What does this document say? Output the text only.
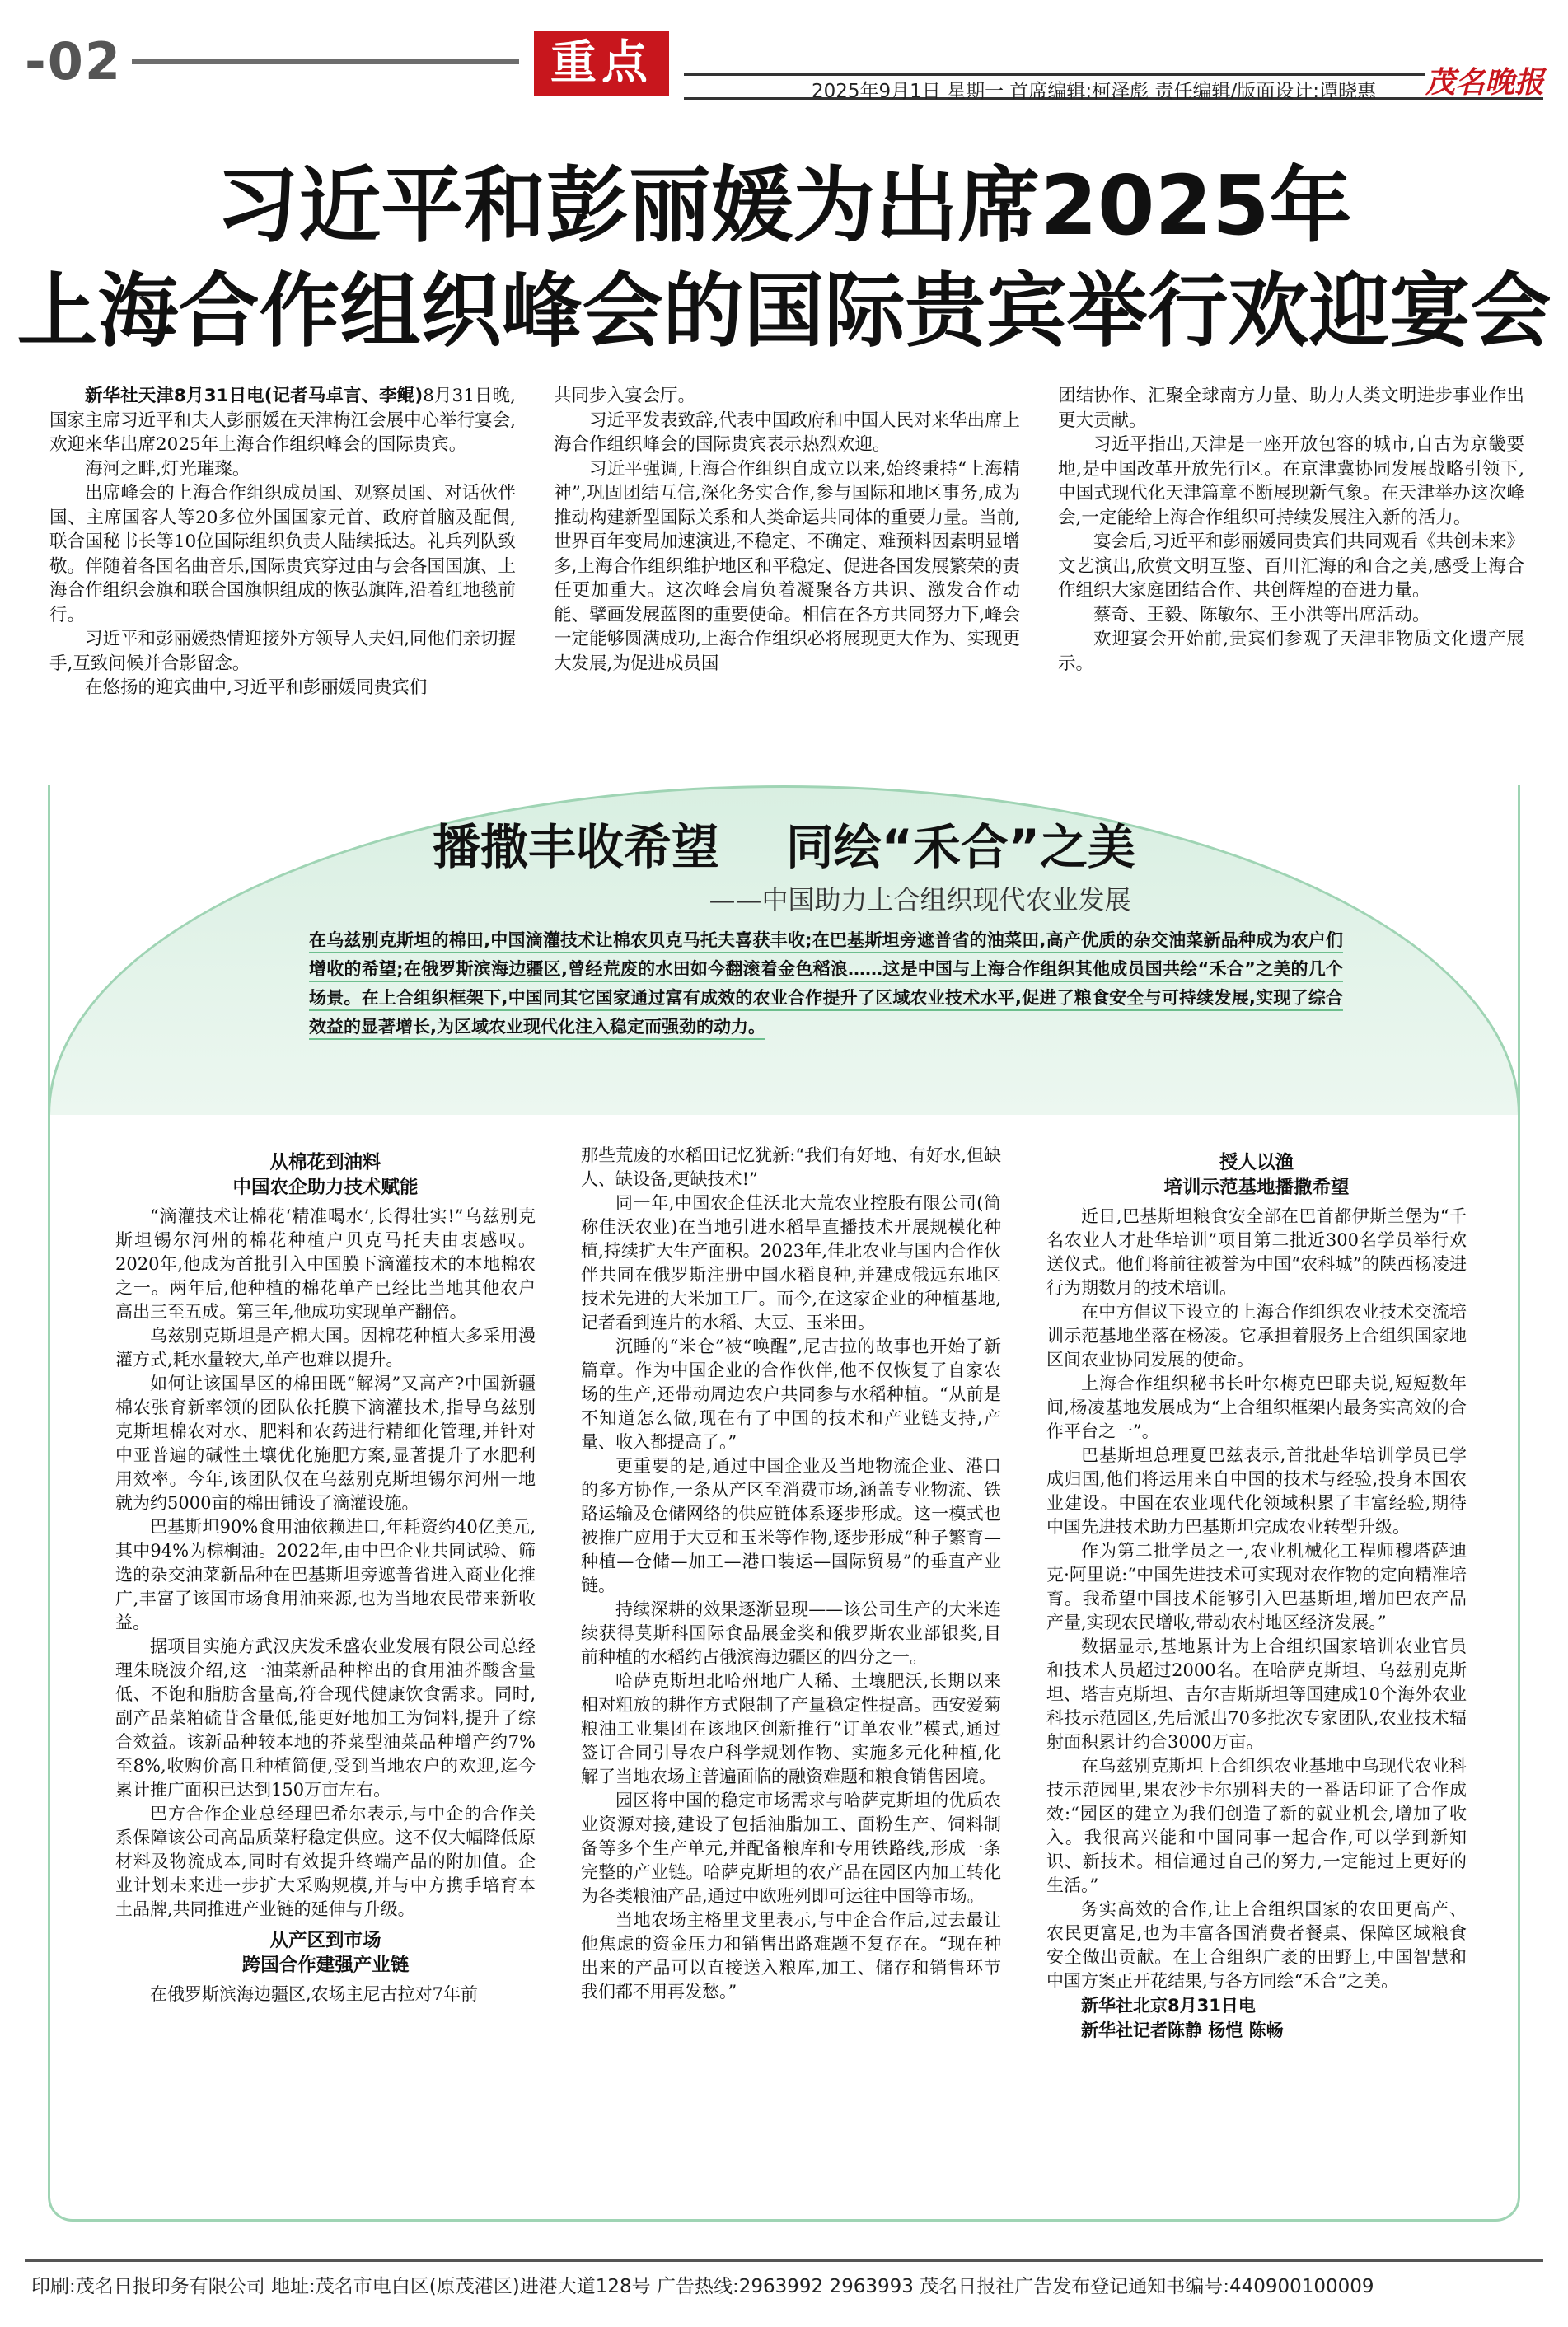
-02	重点
2025年9月1日 星期一 首席编辑:柯泽彪 责任编辑/版面设计:谭晓惠 茂名晚报
习近平和彭丽媛为出席2025年
上海合作组织峰会的国际贵宾举行欢迎宴会

新华社天津8月31日电(记者马卓言、李鲲)8月31日晚,国家主席习近平和夫人彭丽媛在天津梅江会展中心举行宴会,欢迎来华出席2025年上海合作组织峰会的国际贵宾。

海河之畔,灯光璀璨。

出席峰会的上海合作组织成员国、观察员国、对话伙伴国、主席国客人等20多位外国国家元首、政府首脑及配偶,联合国秘书长等10位国际组织负责人陆续抵达。礼兵列队致敬。伴随着各国名曲音乐,国际贵宾穿过由与会各国国旗、上海合作组织会旗和联合国旗帜组成的恢弘旗阵,沿着红地毯前行。

习近平和彭丽媛热情迎接外方领导人夫妇,同他们亲切握手,互致问候并合影留念。

在悠扬的迎宾曲中,习近平和彭丽媛同贵宾们

共同步入宴会厅。

习近平发表致辞,代表中国政府和中国人民对来华出席上海合作组织峰会的国际贵宾表示热烈欢迎。

习近平强调,上海合作组织自成立以来,始终秉持“上海精神”,巩固团结互信,深化务实合作,参与国际和地区事务,成为推动构建新型国际关系和人类命运共同体的重要力量。当前,世界百年变局加速演进,不稳定、不确定、难预料因素明显增多,上海合作组织维护地区和平稳定、促进各国发展繁荣的责任更加重大。这次峰会肩负着凝聚各方共识、激发合作动能、擘画发展蓝图的重要使命。相信在各方共同努力下,峰会一定能够圆满成功,上海合作组织必将展现更大作为、实现更大发展,为促进成员国

团结协作、汇聚全球南方力量、助力人类文明进步事业作出更大贡献。

习近平指出,天津是一座开放包容的城市,自古为京畿要地,是中国改革开放先行区。在京津冀协同发展战略引领下,中国式现代化天津篇章不断展现新气象。在天津举办这次峰会,一定能给上海合作组织可持续发展注入新的活力。

宴会后,习近平和彭丽媛同贵宾们共同观看《共创未来》文艺演出,欣赏文明互鉴、百川汇海的和合之美,感受上海合作组织大家庭团结合作、共创辉煌的奋进力量。

蔡奇、王毅、陈敏尔、王小洪等出席活动。

欢迎宴会开始前,贵宾们参观了天津非物质文化遗产展示。

播撒丰收希望    同绘“禾合”之美
——中国助力上合组织现代农业发展
在乌兹别克斯坦的棉田,中国滴灌技术让棉农贝克马托夫喜获丰收;在巴基斯坦旁遮普省的油菜田,高产优质的杂交油菜新品种成为农户们增收的希望;在俄罗斯滨海边疆区,曾经荒废的水田如今翻滚着金色稻浪……这是中国与上海合作组织其他成员国共绘“禾合”之美的几个场景。在上合组织框架下,中国同其它国家通过富有成效的农业合作提升了区域农业技术水平,促进了粮食安全与可持续发展,实现了综合效益的显著增长,为区域农业现代化注入稳定而强劲的动力。
从棉花到油料
中国农企助力技术赋能

“滴灌技术让棉花‘精准喝水’,长得壮实!”乌兹别克斯坦锡尔河州的棉花种植户贝克马托夫由衷感叹。2020年,他成为首批引入中国膜下滴灌技术的本地棉农之一。两年后,他种植的棉花单产已经比当地其他农户高出三至五成。第三年,他成功实现单产翻倍。

乌兹别克斯坦是产棉大国。因棉花种植大多采用漫灌方式,耗水量较大,单产也难以提升。

如何让该国旱区的棉田既“解渴”又高产?中国新疆棉农张育新率领的团队依托膜下滴灌技术,指导乌兹别克斯坦棉农对水、肥料和农药进行精细化管理,并针对中亚普遍的碱性土壤优化施肥方案,显著提升了水肥利用效率。今年,该团队仅在乌兹别克斯坦锡尔河州一地就为约5000亩的棉田铺设了滴灌设施。

巴基斯坦90%食用油依赖进口,年耗资约40亿美元,其中94%为棕榈油。2022年,由中巴企业共同试验、筛选的杂交油菜新品种在巴基斯坦旁遮普省进入商业化推广,丰富了该国市场食用油来源,也为当地农民带来新收益。

据项目实施方武汉庆发禾盛农业发展有限公司总经理朱晓波介绍,这一油菜新品种榨出的食用油芥酸含量低、不饱和脂肪含量高,符合现代健康饮食需求。同时,副产品菜粕硫苷含量低,能更好地加工为饲料,提升了综合效益。该新品种较本地的芥菜型油菜品种增产约7%至8%,收购价高且种植简便,受到当地农户的欢迎,迄今累计推广面积已达到150万亩左右。

巴方合作企业总经理巴希尔表示,与中企的合作关系保障该公司高品质菜籽稳定供应。这不仅大幅降低原材料及物流成本,同时有效提升终端产品的附加值。企业计划未来进一步扩大采购规模,并与中方携手培育本土品牌,共同推进产业链的延伸与升级。

从产区到市场
跨国合作建强产业链

在俄罗斯滨海边疆区,农场主尼古拉对7年前

那些荒废的水稻田记忆犹新:“我们有好地、有好水,但缺人、缺设备,更缺技术!”

同一年,中国农企佳沃北大荒农业控股有限公司(简称佳沃农业)在当地引进水稻旱直播技术开展规模化种植,持续扩大生产面积。2023年,佳北农业与国内合作伙伴共同在俄罗斯注册中国水稻良种,并建成俄远东地区技术先进的大米加工厂。而今,在这家企业的种植基地,记者看到连片的水稻、大豆、玉米田。

沉睡的“米仓”被“唤醒”,尼古拉的故事也开始了新篇章。作为中国企业的合作伙伴,他不仅恢复了自家农场的生产,还带动周边农户共同参与水稻种植。“从前是不知道怎么做,现在有了中国的技术和产业链支持,产量、收入都提高了。”

更重要的是,通过中国企业及当地物流企业、港口的多方协作,一条从产区至消费市场,涵盖专业物流、铁路运输及仓储网络的供应链体系逐步形成。这一模式也被推广应用于大豆和玉米等作物,逐步形成“种子繁育—种植—仓储—加工—港口装运—国际贸易”的垂直产业链。

持续深耕的效果逐渐显现——该公司生产的大米连续获得莫斯科国际食品展金奖和俄罗斯农业部银奖,目前种植的水稻约占俄滨海边疆区的四分之一。

哈萨克斯坦北哈州地广人稀、土壤肥沃,长期以来相对粗放的耕作方式限制了产量稳定性提高。西安爱菊粮油工业集团在该地区创新推行“订单农业”模式,通过签订合同引导农户科学规划作物、实施多元化种植,化解了当地农场主普遍面临的融资难题和粮食销售困境。

园区将中国的稳定市场需求与哈萨克斯坦的优质农业资源对接,建设了包括油脂加工、面粉生产、饲料制备等多个生产单元,并配备粮库和专用铁路线,形成一条完整的产业链。哈萨克斯坦的农产品在园区内加工转化为各类粮油产品,通过中欧班列即可运往中国等市场。

当地农场主格里戈里表示,与中企合作后,过去最让他焦虑的资金压力和销售出路难题不复存在。“现在种出来的产品可以直接送入粮库,加工、储存和销售环节我们都不用再发愁。”

授人以渔
培训示范基地播撒希望

近日,巴基斯坦粮食安全部在巴首都伊斯兰堡为“千名农业人才赴华培训”项目第二批近300名学员举行欢送仪式。他们将前往被誉为中国“农科城”的陕西杨凌进行为期数月的技术培训。

在中方倡议下设立的上海合作组织农业技术交流培训示范基地坐落在杨凌。它承担着服务上合组织国家地区间农业协同发展的使命。

上海合作组织秘书长叶尔梅克巴耶夫说,短短数年间,杨凌基地发展成为“上合组织框架内最务实高效的合作平台之一”。

巴基斯坦总理夏巴兹表示,首批赴华培训学员已学成归国,他们将运用来自中国的技术与经验,投身本国农业建设。中国在农业现代化领域积累了丰富经验,期待中国先进技术助力巴基斯坦完成农业转型升级。

作为第二批学员之一,农业机械化工程师穆塔萨迪克·阿里说:“中国先进技术可实现对农作物的定向精准培育。我希望中国技术能够引入巴基斯坦,增加巴农产品产量,实现农民增收,带动农村地区经济发展。”

数据显示,基地累计为上合组织国家培训农业官员和技术人员超过2000名。在哈萨克斯坦、乌兹别克斯坦、塔吉克斯坦、吉尔吉斯斯坦等国建成10个海外农业科技示范园区,先后派出70多批次专家团队,农业技术辐射面积累计约合3000万亩。

在乌兹别克斯坦上合组织农业基地中乌现代农业科技示范园里,果农沙卡尔别科夫的一番话印证了合作成效:“园区的建立为我们创造了新的就业机会,增加了收入。我很高兴能和中国同事一起合作,可以学到新知识、新技术。相信通过自己的努力,一定能过上更好的生活。”

务实高效的合作,让上合组织国家的农田更高产、农民更富足,也为丰富各国消费者餐桌、保障区域粮食安全做出贡献。在上合组织广袤的田野上,中国智慧和中国方案正开花结果,与各方同绘“禾合”之美。

新华社北京8月31日电
新华社记者陈静 杨恺 陈畅
印刷:茂名日报印务有限公司 地址:茂名市电白区(原茂港区)进港大道128号 广告热线:2963992 2963993 茂名日报社广告发布登记通知书编号:440900100009
